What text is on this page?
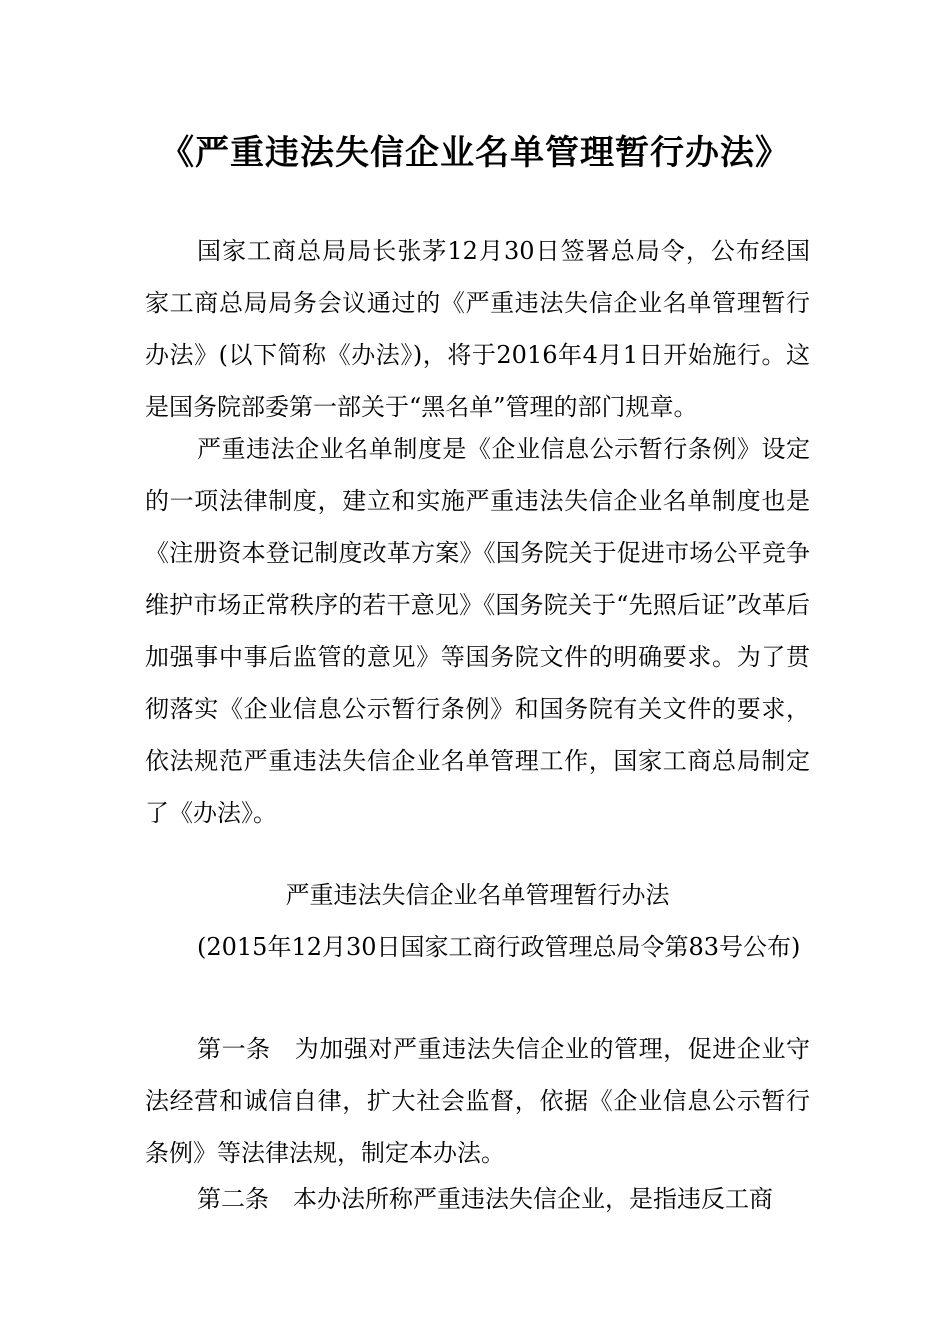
《严重违法失信企业名单管理暂行办法》

国家工商总局局长张茅12月30日签署总局令，公布经国家工商总局局务会议通过的《严重违法失信企业名单管理暂行办法》(以下简称《办法》)，将于2016年4月1日开始施行。这是国务院部委第一部关于“黑名单”管理的部门规章。

严重违法企业名单制度是《企业信息公示暂行条例》设定的一项法律制度，建立和实施严重违法失信企业名单制度也是《注册资本登记制度改革方案》《国务院关于促进市场公平竞争维护市场正常秩序的若干意见》《国务院关于“先照后证”改革后加强事中事后监管的意见》等国务院文件的明确要求。为了贯彻落实《企业信息公示暂行条例》和国务院有关文件的要求，依法规范严重违法失信企业名单管理工作，国家工商总局制定了《办法》。

严重违法失信企业名单管理暂行办法

(2015年12月30日国家工商行政管理总局令第83号公布)

第一条 为加强对严重违法失信企业的管理，促进企业守法经营和诚信自律，扩大社会监督，依据《企业信息公示暂行条例》等法律法规，制定本办法。

第二条 本办法所称严重违法失信企业，是指违反工商
